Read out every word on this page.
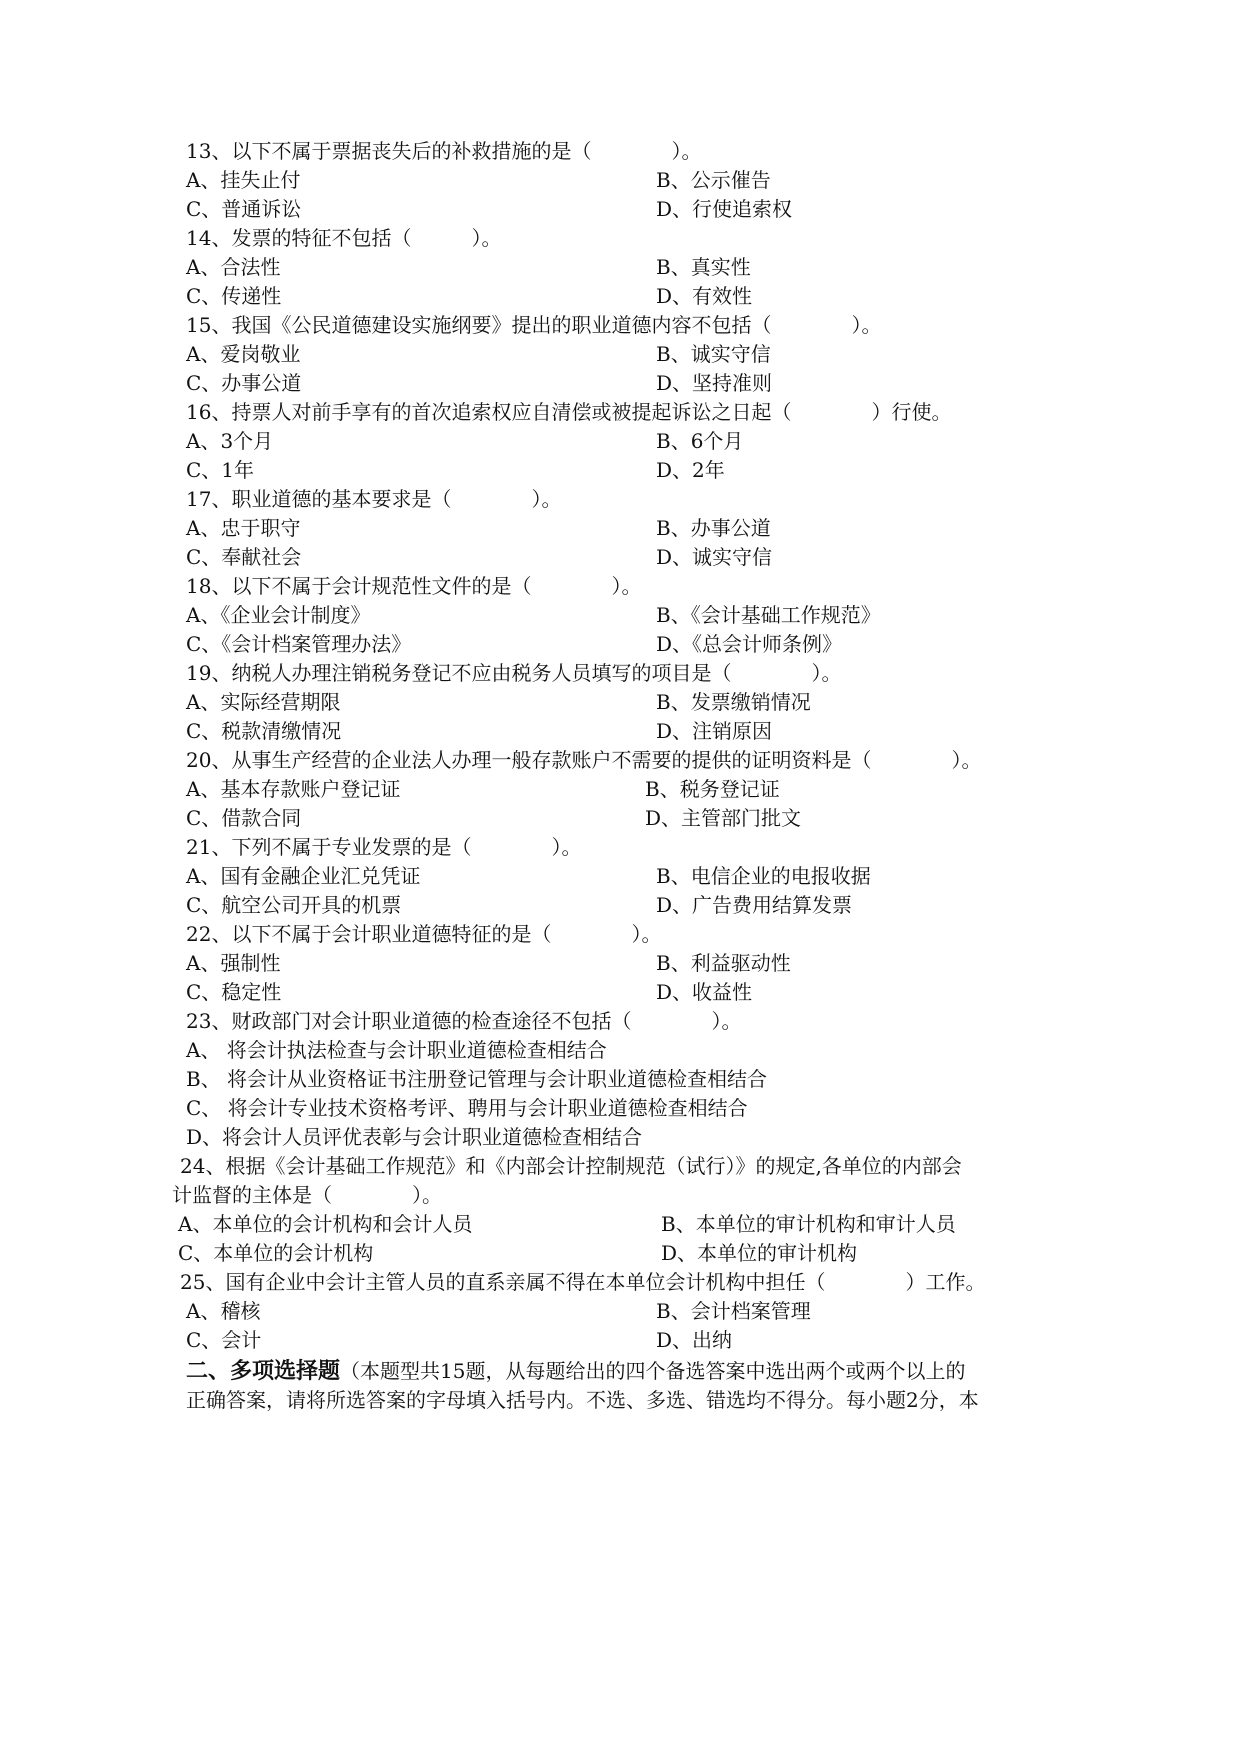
13、以下不属于票据丧失后的补救措施的是（　　　　）。
A、挂失止付	B、公示催告
C、普通诉讼	D、行使追索权
14、发票的特征不包括（　　　）。
A、合法性	B、真实性
C、传递性	D、有效性
15、我国《公民道德建设实施纲要》提出的职业道德内容不包括（　　　　）。
A、爱岗敬业	B、诚实守信
C、办事公道	D、坚持准则
16、持票人对前手享有的首次追索权应自清偿或被提起诉讼之日起（　　　　）行使。
A、3个月	B、6个月
C、1年	D、2年
17、职业道德的基本要求是（　　　　）。
A、忠于职守	B、办事公道
C、奉献社会	D、诚实守信
18、以下不属于会计规范性文件的是（　　　　）。
A、《企业会计制度》	B、《会计基础工作规范》
C、《会计档案管理办法》	D、《总会计师条例》
19、纳税人办理注销税务登记不应由税务人员填写的项目是（　　　　）。
A、实际经营期限	B、发票缴销情况
C、税款清缴情况	D、注销原因
20、从事生产经营的企业法人办理一般存款账户不需要的提供的证明资料是（　　　　）。
A、基本存款账户登记证	B、税务登记证
C、借款合同	D、主管部门批文
21、下列不属于专业发票的是（　　　　）。
A、国有金融企业汇兑凭证	B、电信企业的电报收据
C、航空公司开具的机票	D、广告费用结算发票
22、以下不属于会计职业道德特征的是（　　　　）。
A、强制性	B、利益驱动性
C、稳定性	D、收益性
23、财政部门对会计职业道德的检查途径不包括（　　　　）。
A、 将会计执法检查与会计职业道德检查相结合
B、 将会计从业资格证书注册登记管理与会计职业道德检查相结合
C、 将会计专业技术资格考评、聘用与会计职业道德检查相结合
D、将会计人员评优表彰与会计职业道德检查相结合
24、根据《会计基础工作规范》和《内部会计控制规范（试行）》的规定,各单位的内部会
计监督的主体是（　　　　）。
A、本单位的会计机构和会计人员	B、本单位的审计机构和审计人员
C、本单位的会计机构	D、本单位的审计机构
25、国有企业中会计主管人员的直系亲属不得在本单位会计机构中担任（　　　　）工作。
A、稽核	B、会计档案管理
C、会计	D、出纳
二、多项选择题（本题型共15题，从每题给出的四个备选答案中选出两个或两个以上的
正确答案，请将所选答案的字母填入括号内。不选、多选、错选均不得分。每小题2分，本
